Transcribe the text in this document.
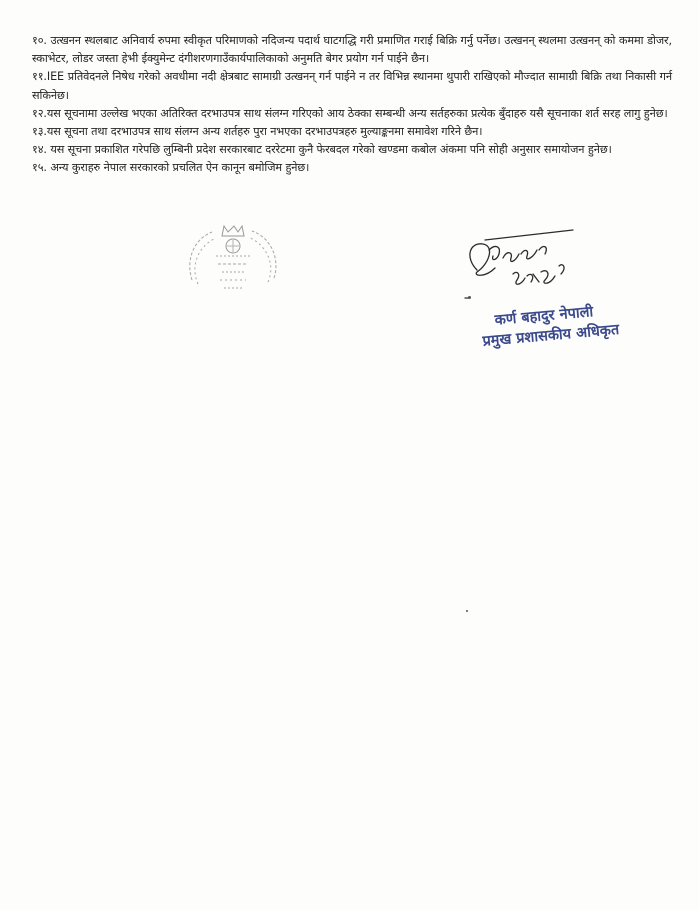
१०. उत्खनन स्थलबाट अनिवार्य रुपमा स्वीकृत परिमाणको नदिजन्य पदार्थ घाटगद्धि गरी प्रमाणित गराई बिक्रि गर्नु पर्नेछ। उत्खनन् स्थलमा उत्खनन् को कममा डोजर, स्काभेटर, लोडर जस्ता हेभी ईक्युमेन्ट दंगीशरणगाउँकार्यपालिकाको अनुमति बेगर प्रयोग गर्न पाईने छैन।

११.IEE प्रतिवेदनले निषेध गरेको अवधीमा नदी क्षेत्रबाट सामाग्री उत्खनन् गर्न पाईने न तर विभिन्न स्थानमा थुपारी राखिएको मौज्दात सामाग्री बिक्रि तथा निकासी गर्न सकिनेछ।

१२.यस सूचनामा उल्लेख भएका अतिरिक्त दरभाउपत्र साथ संलग्न गरिएको आय ठेक्का सम्बन्धी अन्य सर्तहरुका प्रत्येक बुँदाहरु यसै सूचनाका शर्त सरह लागु हुनेछ।

१३.यस सूचना तथा दरभाउपत्र साथ संलग्न अन्य शर्तहरु पुरा नभएका दरभाउपत्रहरु मुल्याङ्कनमा समावेश गरिने छैन।

१४. यस सूचना प्रकाशित गरेपछि लुम्बिनी प्रदेश सरकारबाट दररेटमा कुनै फेरबदल गरेको खण्डमा कबोल अंकमा पनि सोही अनुसार समायोजन हुनेछ।

१५. अन्य कुराहरु नेपाल सरकारको प्रचलित ऐन कानून बमोजिम हुनेछ।

कर्ण बहादुर नेपाली
प्रमुख प्रशासकीय अधिकृत
